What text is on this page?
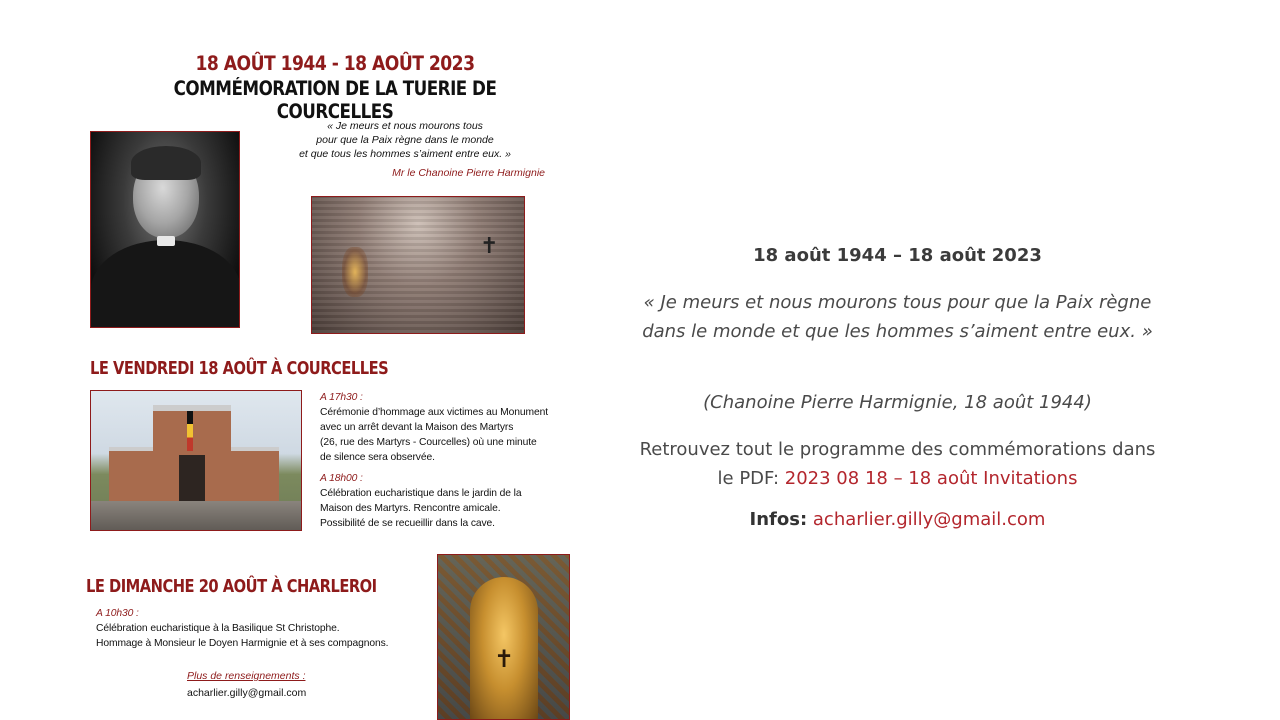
18 AOÛT 1944 - 18 AOÛT 2023
COMMÉMORATION DE LA TUERIE DE COURCELLES
« Je meurs et nous mourons tous
pour que la Paix règne dans le monde
et que tous les hommes s’aiment entre eux. »
Mr le Chanoine Pierre Harmignie
✝
LE VENDREDI 18 AOÛT À COURCELLES
A 17h30 :
Cérémonie d’hommage aux victimes au Monument
avec un arrêt devant la Maison des Martyrs
(26, rue des Martyrs - Courcelles) où une minute
de silence sera observée.
A 18h00 :
Célébration eucharistique dans le jardin de la
Maison des Martyrs. Rencontre amicale.
Possibilité de se recueillir dans la cave.
LE DIMANCHE 20 AOÛT À CHARLEROI
A 10h30 :
Célébration eucharistique à la Basilique St Christophe.
Hommage à Monsieur le Doyen Harmignie et à ses compagnons.
Plus de renseignements :
acharlier.gilly@gmail.com
✝
18 août 1944 – 18 août 2023
« Je meurs et nous mourons tous pour que la Paix règne dans le monde et que les hommes s’aiment entre eux. »
(Chanoine Pierre Harmignie, 18 août 1944)
Retrouvez tout le programme des commémorations dans le PDF: 2023 08 18 – 18 août Invitations
Infos: acharlier.gilly@gmail.com
